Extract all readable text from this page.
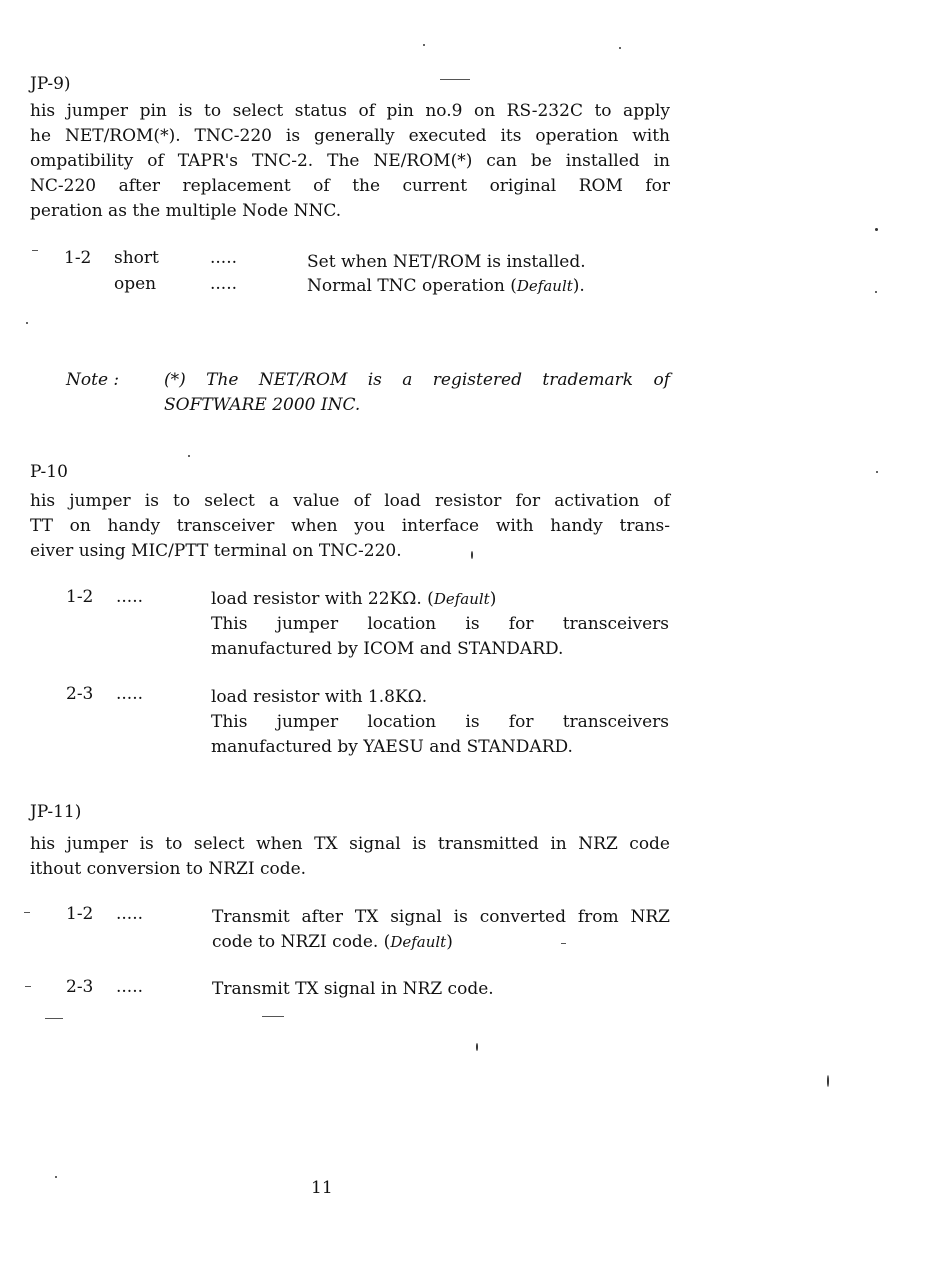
JP-9)
his jumper pin is to select status of pin no.9 on RS-232C to apply
he NET/ROM(*). TNC-220 is generally executed its operation with
ompatibility of TAPR's TNC-2. The NE/ROM(*) can be installed in
NC-220 after replacement of the current original ROM for
peration as the multiple Node NNC.
1-2 short	.....	Set when NET/ROM is installed.
open	.....	Normal TNC operation (Default).
Note :	(*) The NET/ROM is a registered trademark of
SOFTWARE 2000 INC.
P-10
his jumper is to select a value of load resistor for activation of
TT on handy transceiver when you interface with handy trans-
eiver using MIC/PTT terminal on TNC-220.
1-2 .....	load resistor with 22KΩ. (Default)
This jumper location is for transceivers
manufactured by ICOM and STANDARD.
2-3 .....	load resistor with 1.8KΩ.
This jumper location is for transceivers
manufactured by YAESU and STANDARD.
JP-11)
his jumper is to select when TX signal is transmitted in NRZ code
ithout conversion to NRZI code.
1-2 .....	Transmit after TX signal is converted from NRZ
code to NRZI code. (Default)
2-3 .....	Transmit TX signal in NRZ code.
11
